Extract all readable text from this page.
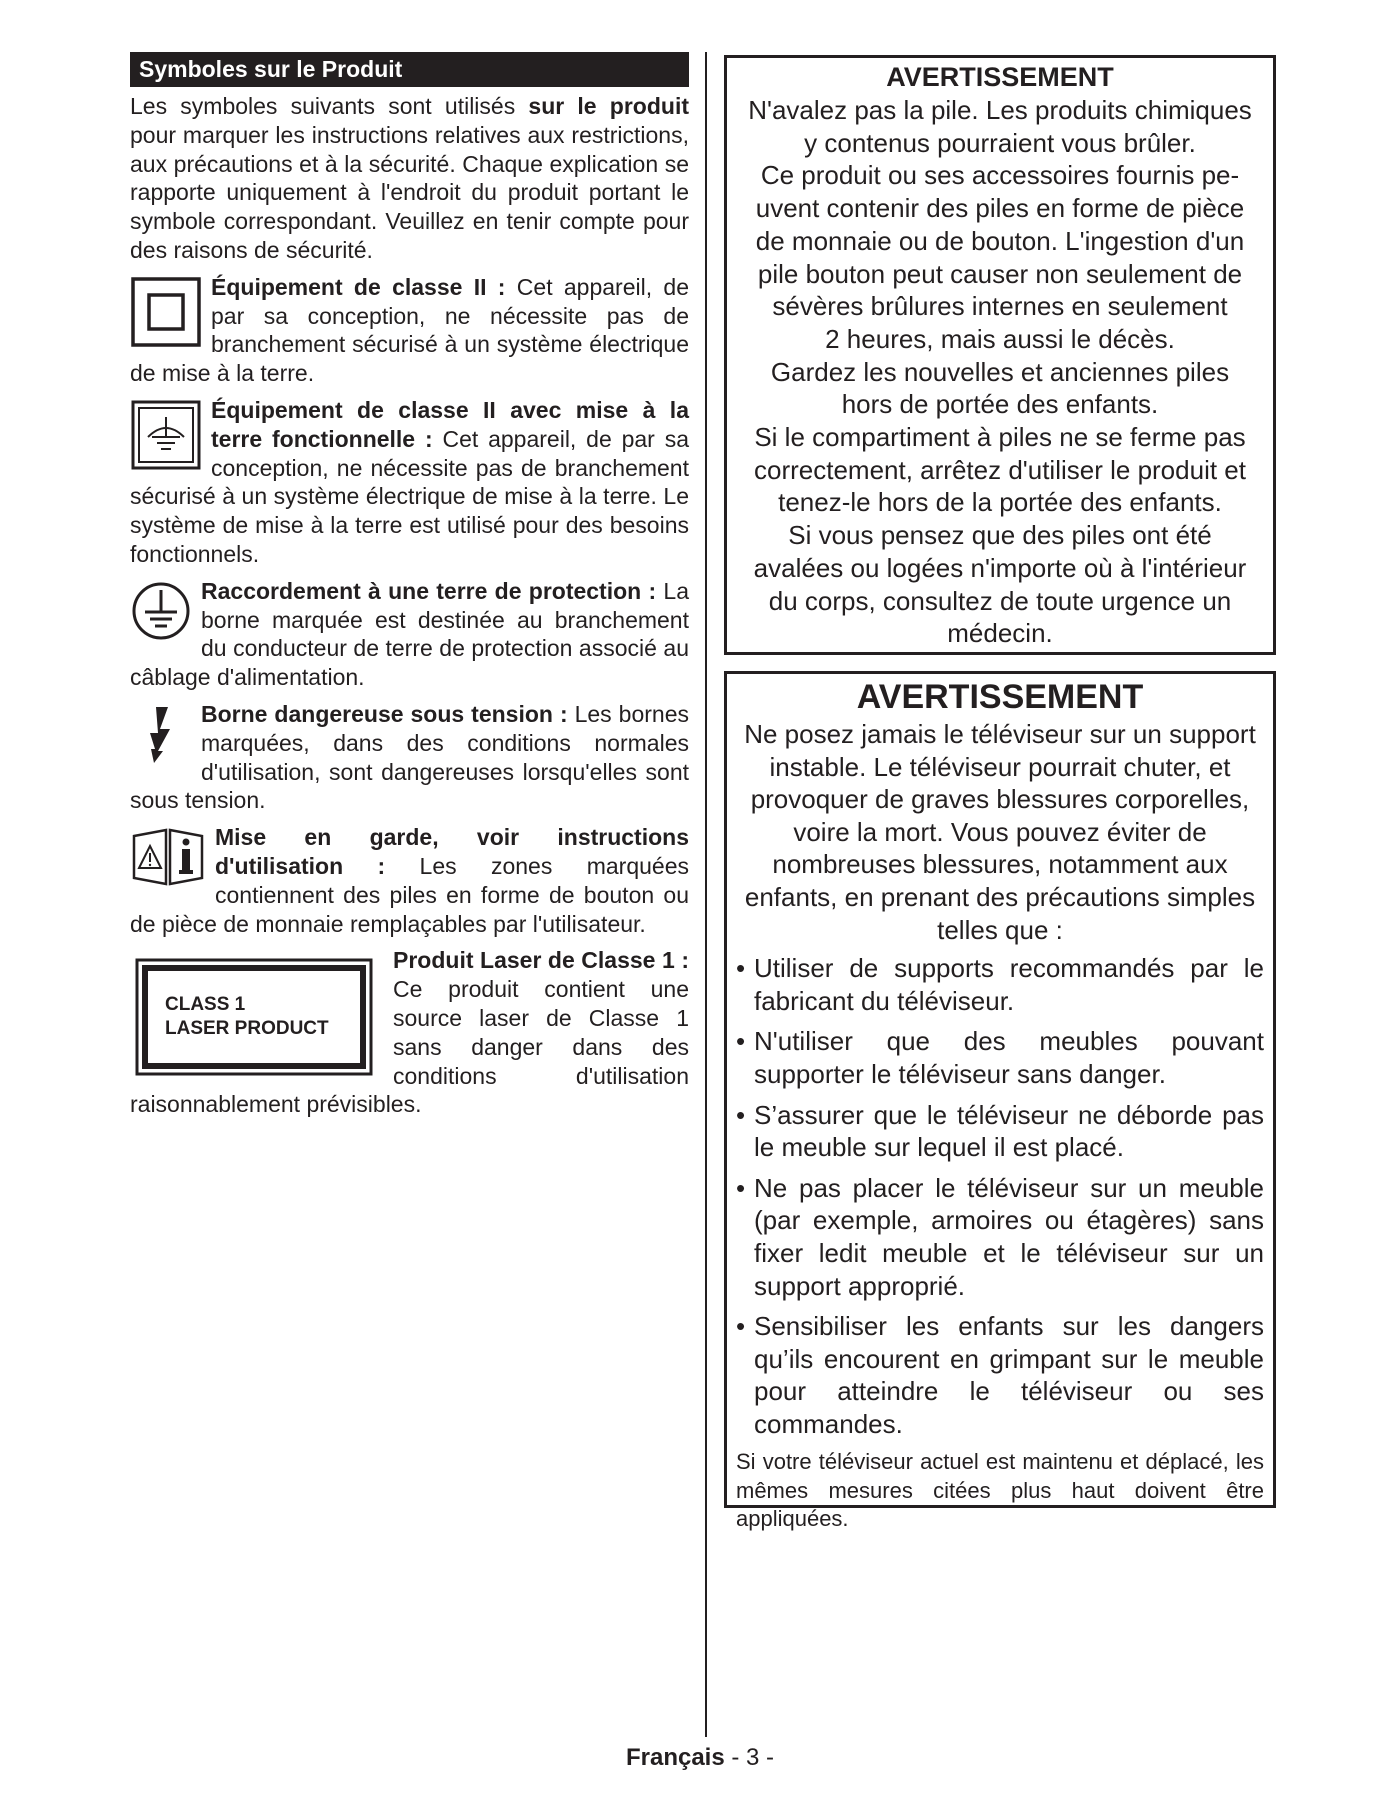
Symboles sur le Produit

Les symboles suivants sont utilisés sur le produit pour marquer les instructions relatives aux restrictions, aux précautions et à la sécurité. Chaque explication se rapporte uniquement à l'endroit du produit portant le symbole correspondant. Veuillez en tenir compte pour des raisons de sécurité.

Équipement de classe II : Cet appareil, de par sa conception, ne nécessite pas de branchement sécurisé à un système électrique de mise à la terre.

Équipement de classe II avec mise à la terre fonctionnelle : Cet appareil, de par sa conception, ne nécessite pas de branchement sécurisé à un système électrique de mise à la terre. Le système de mise à la terre est utilisé pour des besoins fonctionnels.

Raccordement à une terre de protection : La borne marquée est destinée au branchement du conducteur de terre de protection associé au câblage d'alimentation.

Borne dangereuse sous tension : Les bornes marquées, dans des conditions normales d'utilisation, sont dangereuses lorsqu'elles sont sous tension.

Mise en garde, voir instructions d'utilisation : Les zones marquées contiennent des piles en forme de bouton ou de pièce de monnaie remplaçables par l'utilisateur.

CLASS 1
LASER PRODUCT
Produit Laser de Classe 1 : Ce produit contient une source laser de Classe 1 sans danger dans des conditions d'utilisation raisonnablement prévisibles.

AVERTISSEMENT
N'avalez pas la pile. Les produits chimiques
y contenus pourraient vous brûler.
Ce produit ou ses accessoires fournis pe-
uvent contenir des piles en forme de pièce
de monnaie ou de bouton. L'ingestion d'un
pile bouton peut causer non seulement de
sévères brûlures internes en seulement
2 heures, mais aussi le décès.
Gardez les nouvelles et anciennes piles
hors de portée des enfants.
Si le compartiment à piles ne se ferme pas
correctement, arrêtez d'utiliser le produit et
tenez-le hors de la portée des enfants.
Si vous pensez que des piles ont été
avalées ou logées n'importe où à l'intérieur
du corps, consultez de toute urgence un
médecin.
AVERTISSEMENT
Ne posez jamais le téléviseur sur un support instable. Le téléviseur pourrait chuter, et provoquer de graves blessures corporelles, voire la mort. Vous pouvez éviter de nombreuses blessures, notamment aux enfants, en prenant des précautions simples telles que :
• Utiliser de supports recommandés par le fabricant du téléviseur.
• N'utiliser que des meubles pouvant supporter le téléviseur sans danger.
• S’assurer que le téléviseur ne déborde pas le meuble sur lequel il est placé.
• Ne pas placer le téléviseur sur un meuble (par exemple, armoires ou étagères) sans fixer ledit meuble et le téléviseur sur un support approprié.
• Sensibiliser les enfants sur les dangers qu’ils encourent en grimpant sur le meuble pour atteindre le téléviseur ou ses commandes.
Si votre téléviseur actuel est maintenu et déplacé, les mêmes mesures citées plus haut doivent être appliquées.
Français - 3 -
